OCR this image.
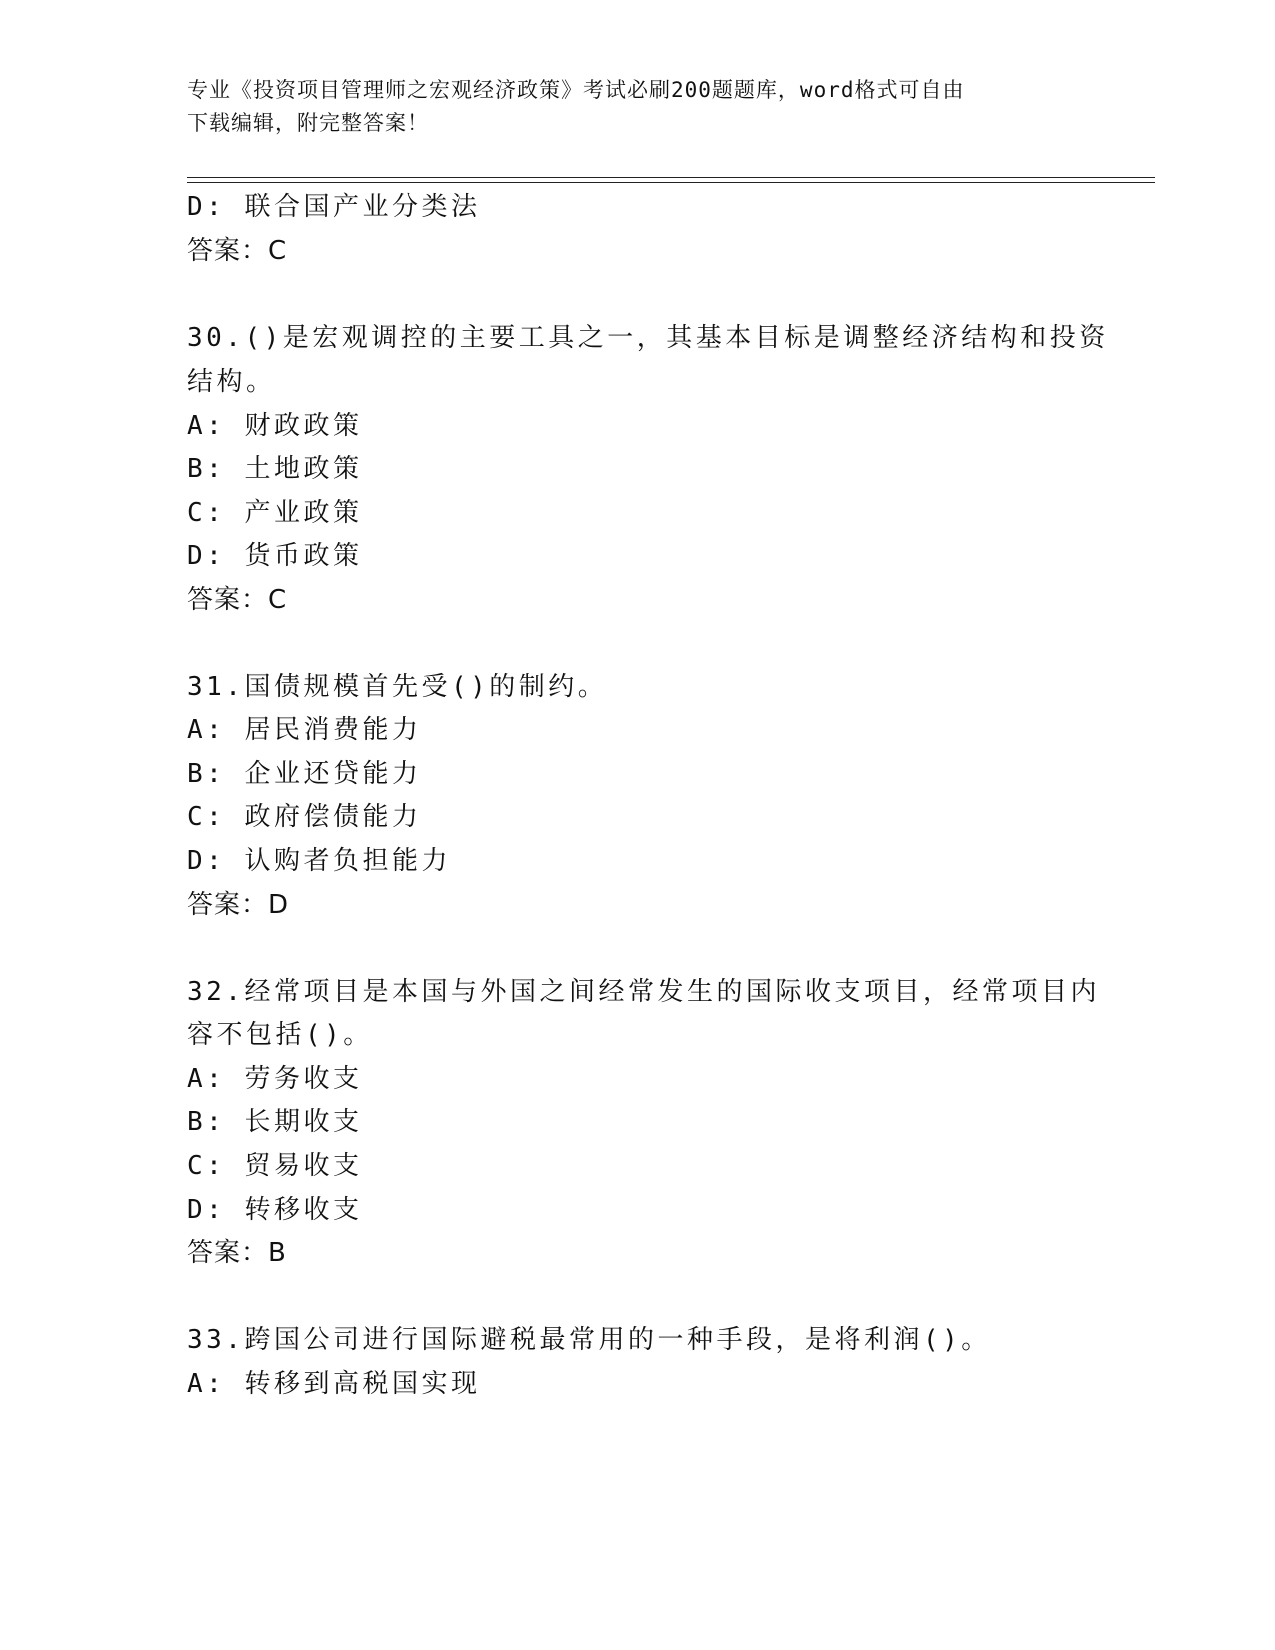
专业《投资项目管理师之宏观经济政策》考试必刷200题题库，word格式可自由
下载编辑，附完整答案！
D: 联合国产业分类法
答案：C
30.()是宏观调控的主要工具之一，其基本目标是调整经济结构和投资
结构。
A: 财政政策
B: 土地政策
C: 产业政策
D: 货币政策
答案：C
31.国债规模首先受()的制约。
A: 居民消费能力
B: 企业还贷能力
C: 政府偿债能力
D: 认购者负担能力
答案：D
32.经常项目是本国与外国之间经常发生的国际收支项目，经常项目内
容不包括()。
A: 劳务收支
B: 长期收支
C: 贸易收支
D: 转移收支
答案：B
33.跨国公司进行国际避税最常用的一种手段，是将利润()。
A: 转移到高税国实现
